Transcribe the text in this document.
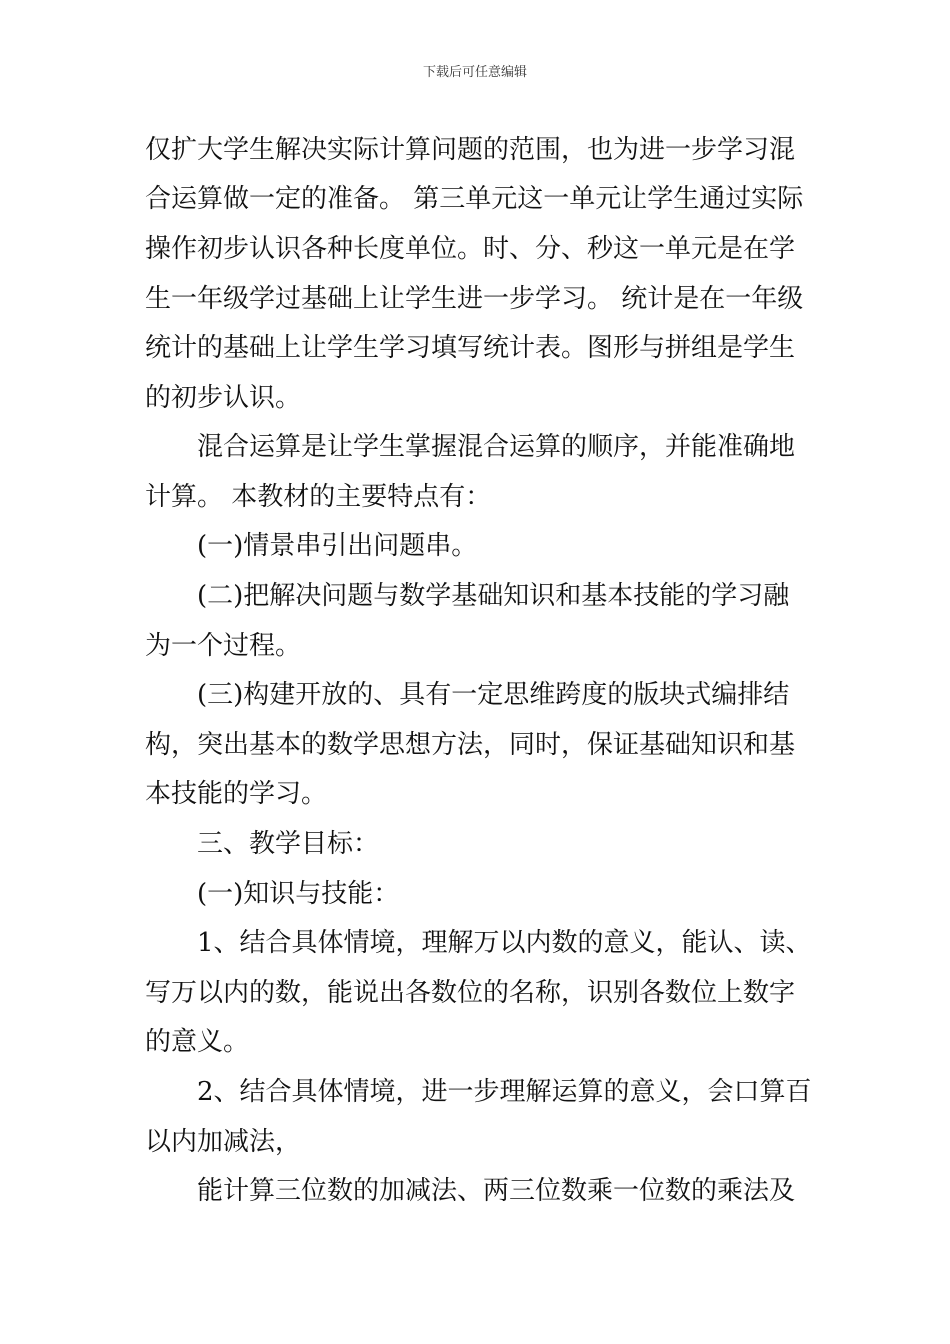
下载后可任意编辑
仅扩大学生解决实际计算问题的范围，也为进一步学习混
合运算做一定的准备。 第三单元这一单元让学生通过实际
操作初步认识各种长度单位。时、分、秒这一单元是在学
生一年级学过基础上让学生进一步学习。 统计是在一年级
统计的基础上让学生学习填写统计表。图形与拼组是学生
的初步认识。
混合运算是让学生掌握混合运算的顺序，并能准确地
计算。 本教材的主要特点有：
(一)情景串引出问题串。
(二)把解决问题与数学基础知识和基本技能的学习融
为一个过程。
(三)构建开放的、具有一定思维跨度的版块式编排结
构，突出基本的数学思想方法，同时，保证基础知识和基
本技能的学习。
三、教学目标：
(一)知识与技能：
1、结合具体情境，理解万以内数的意义，能认、读、
写万以内的数，能说出各数位的名称，识别各数位上数字
的意义。
2、结合具体情境，进一步理解运算的意义，会口算百
以内加减法，
能计算三位数的加减法、两三位数乘一位数的乘法及
